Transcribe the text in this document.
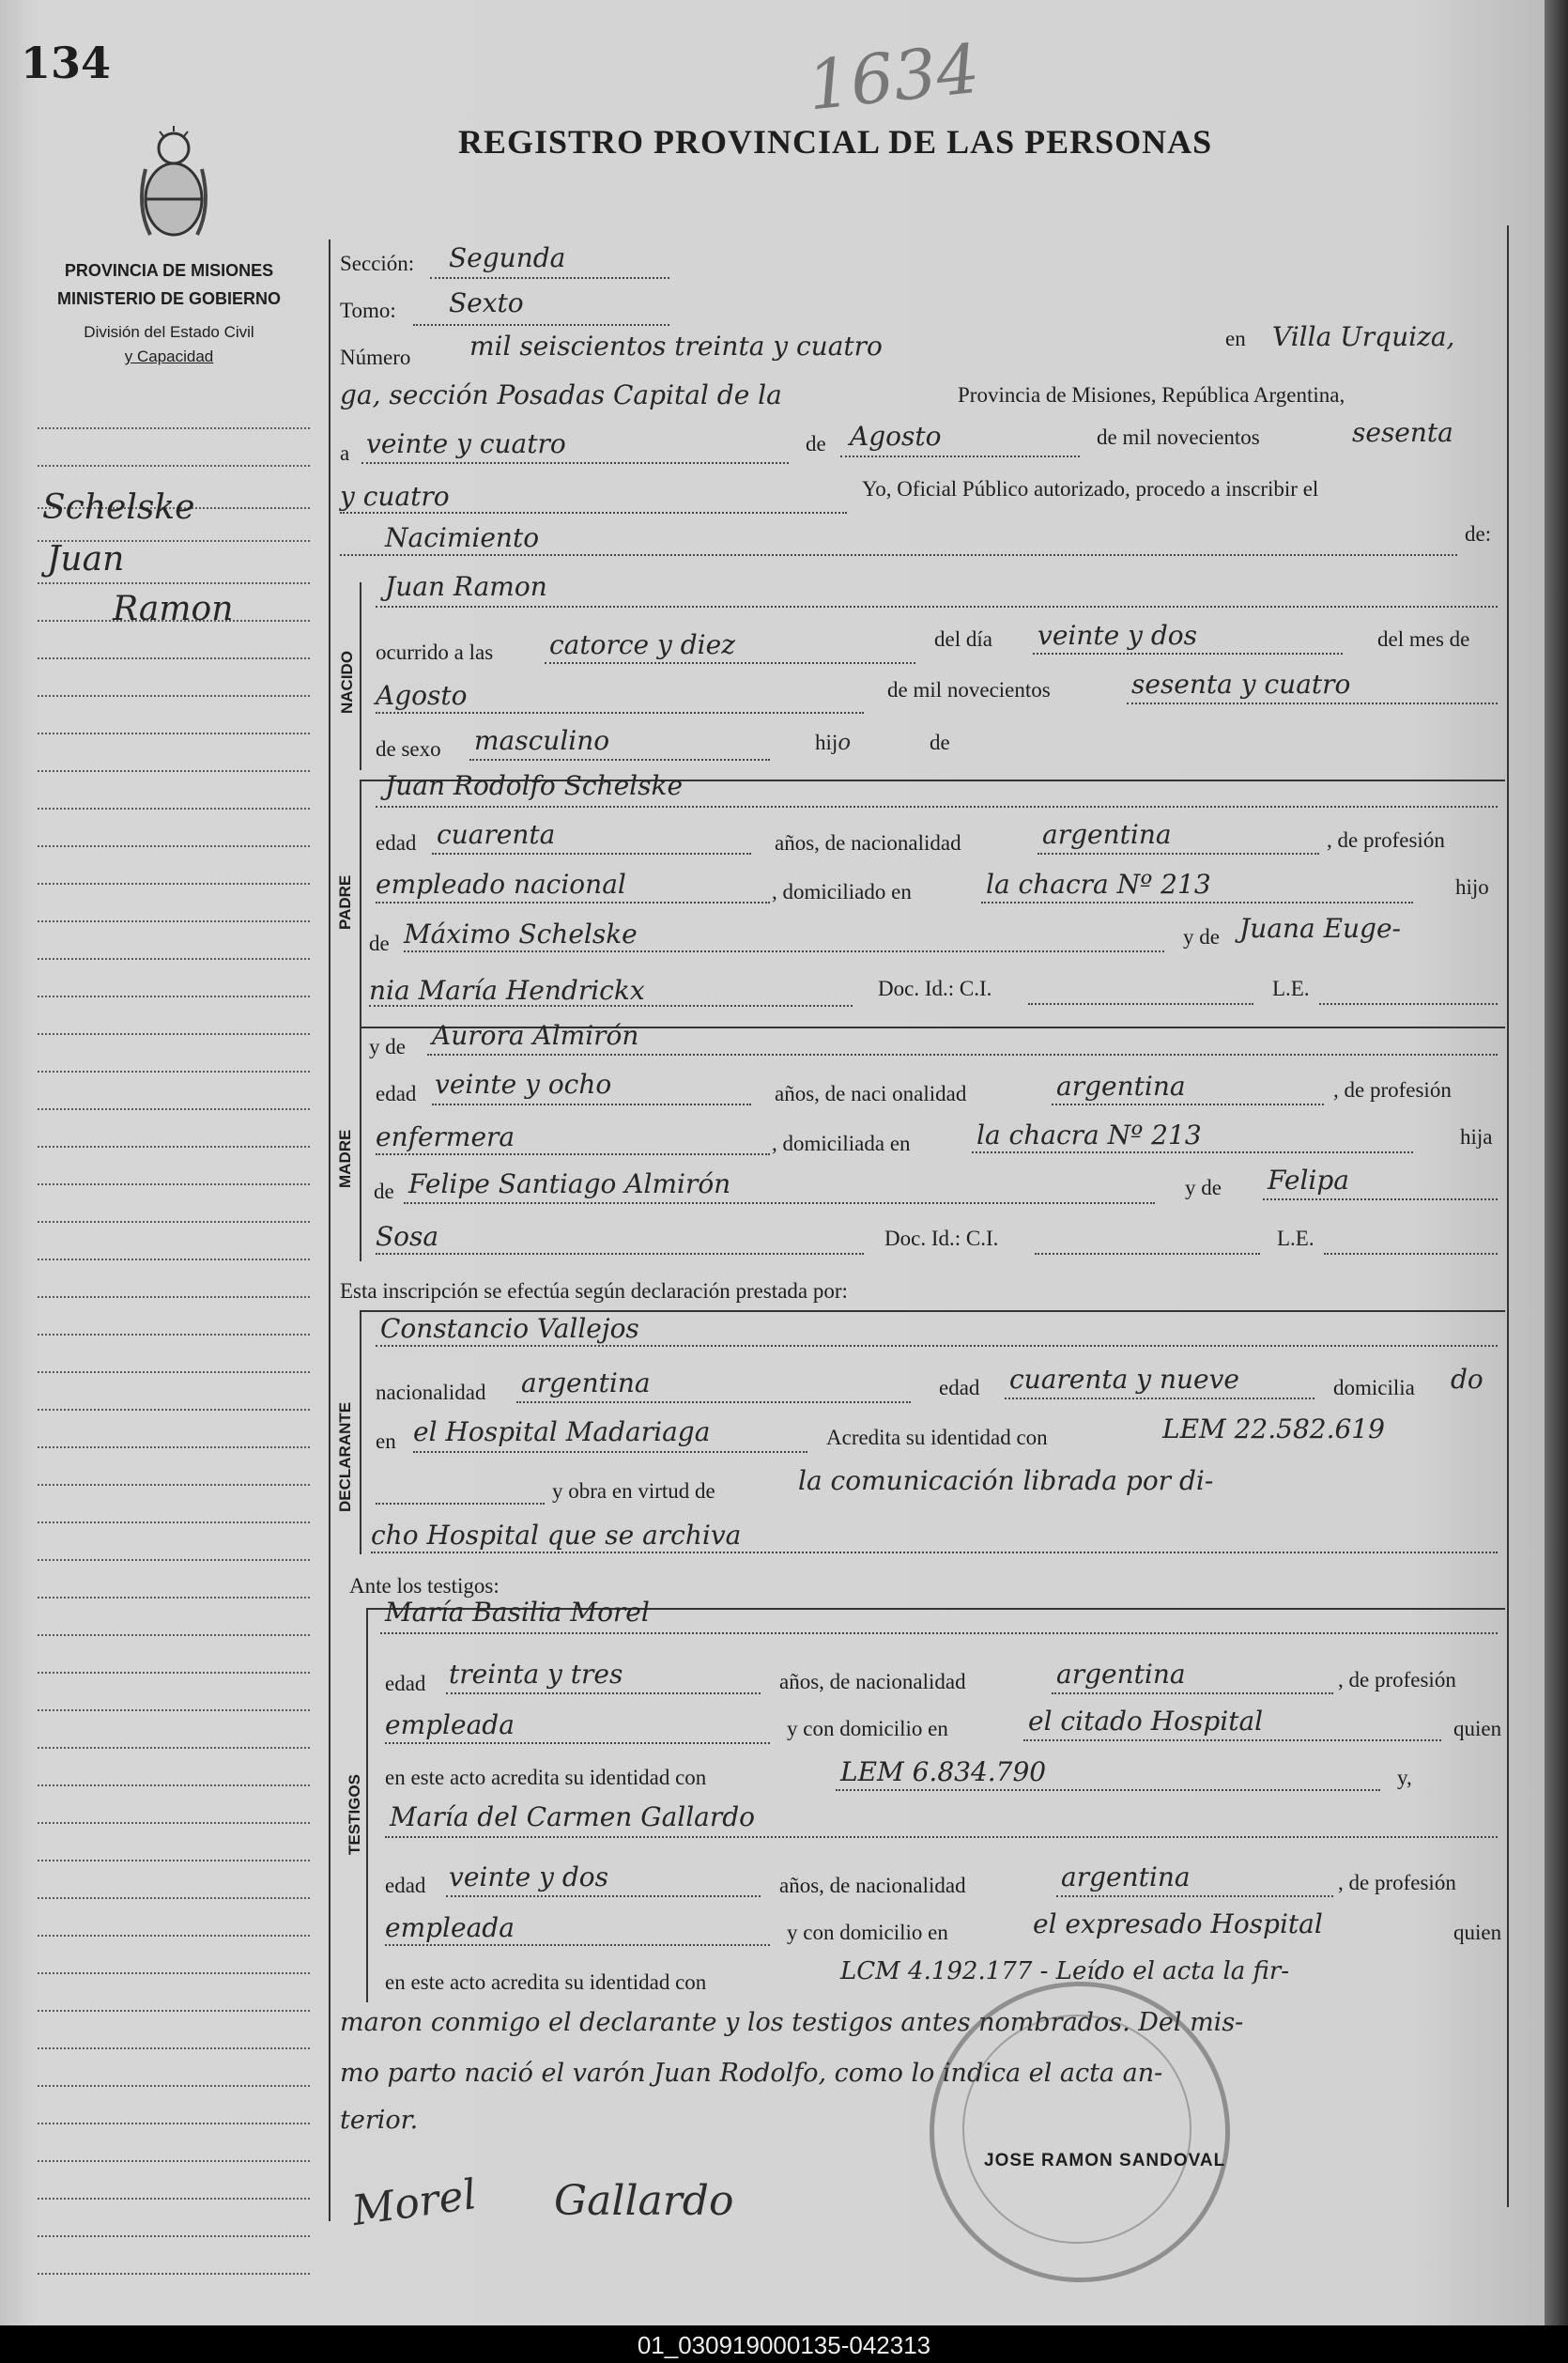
134	1634
REGISTRO PROVINCIAL DE LAS PERSONAS
PROVINCIA DE MISIONES
MINISTERIO DE GOBIERNO
División del Estado Civil
y Capacidad
Schelske
Juan
Ramon
Sección: Segunda
Tomo: Sexto
Número mil seiscientos treinta y cuatro	en Villa Urquiza,
ga, sección Posadas Capital de la	Provincia de Misiones, República Argentina,
a veinte y cuatro	de Agosto	de mil novecientos	sesenta
y cuatro	Yo, Oficial Público autorizado, procedo a inscribir el
Nacimiento	de:
NACIDO
Juan Ramon
ocurrido a las catorce y diez	del día veinte y dos	del mes de
Agosto	de mil novecientos	sesenta y cuatro
de sexo masculino	hijo	de
PADRE
Juan Rodolfo Schelske
edad cuarenta	años, de nacionalidad	argentina	, de profesión
empleado nacional	, domiciliado en	la chacra Nº 213	hijo
de Máximo Schelske	y de Juana Euge-
nia María Hendrickx	Doc. Id.: C.I.	L.E.
MADRE
y de Aurora Almirón
edad veinte y ocho	años, de naci onalidad	argentina	, de profesión
enfermera	, domiciliada en	la chacra Nº 213	hija
de Felipe Santiago Almirón	y de Felipa
Sosa	Doc. Id.: C.I.	L.E.
Esta inscripción se efectúa según declaración prestada por:
DECLARANTE
Constancio Vallejos
nacionalidad argentina	edad cuarenta y nueve	domicilia do
en el Hospital Madariaga	Acredita su identidad con	LEM 22.582.619
y obra en virtud de	la comunicación librada por di-
cho Hospital que se archiva
Ante los testigos:
TESTIGOS
María Basilia Morel
edad treinta y tres	años, de nacionalidad	argentina	, de profesión
empleada	y con domicilio en	el citado Hospital	quien
en este acto acredita su identidad con	LEM 6.834.790	y,
María del Carmen Gallardo
edad veinte y dos	años, de nacionalidad	argentina	, de profesión
empleada	y con domicilio en	el expresado Hospital	quien
en este acto acredita su identidad con	LCM 4.192.177 - Leído el acta la fir-
maron conmigo el declarante y los testigos antes nombrados. Del mis-
mo parto nació el varón Juan Rodolfo, como lo indica el acta an-
terior.
Morel Gallardo
JOSE RAMON SANDOVAL
01_030919000135-042313
